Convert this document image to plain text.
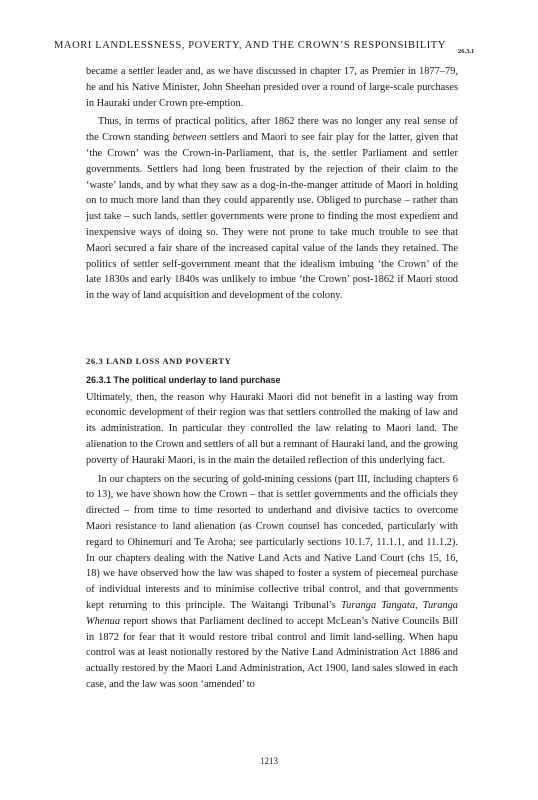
MAORI LANDLESSNESS, POVERTY, AND THE CROWN’S RESPONSIBILITY
26.3.1

became a settler leader and, as we have discussed in chapter 17, as Premier in 1877–79, he and his Native Minister, John Sheehan presided over a round of large-scale purchases in Hauraki under Crown pre-emption.

Thus, in terms of practical politics, after 1862 there was no longer any real sense of the Crown standing between settlers and Maori to see fair play for the latter, given that ‘the Crown’ was the Crown-in-Parliament, that is, the settler Parliament and settler governments. Settlers had long been frustrated by the rejection of their claim to the ‘waste’ lands, and by what they saw as a dog-in-the-manger attitude of Maori in holding on to much more land than they could apparently use. Obliged to purchase – rather than just take – such lands, settler governments were prone to finding the most expedient and inexpensive ways of doing so. They were not prone to take much trouble to see that Maori secured a fair share of the increased capital value of the lands they retained. The politics of settler self-government meant that the idealism imbuing ‘the Crown’ of the late 1830s and early 1840s was unlikely to imbue ‘the Crown’ post-1862 if Maori stood in the way of land acquisition and development of the colony.

26.3 LAND LOSS AND POVERTY
26.3.1 The political underlay to land purchase

Ultimately, then, the reason why Hauraki Maori did not benefit in a lasting way from economic development of their region was that settlers controlled the making of law and its administration. In particular they controlled the law relating to Maori land. The alienation to the Crown and settlers of all but a remnant of Hauraki land, and the growing poverty of Hauraki Maori, is in the main the detailed reflection of this underlying fact.

In our chapters on the securing of gold-mining cessions (part III, including chapters 6 to 13), we have shown how the Crown – that is settler governments and the officials they directed – from time to time resorted to underhand and divisive tactics to overcome Maori resistance to land alienation (as Crown counsel has conceded, particularly with regard to Ohinemuri and Te Aroha; see particularly sections 10.1.7, 11.1.1, and 11.1.2). In our chapters dealing with the Native Land Acts and Native Land Court (chs 15, 16, 18) we have observed how the law was shaped to foster a system of piecemeal purchase of individual interests and to minimise collective tribal control, and that governments kept returning to this principle. The Waitangi Tribunal’s Turanga Tangata, Turanga Whenua report shows that Parliament declined to accept McLean’s Native Councils Bill in 1872 for fear that it would restore tribal control and limit land-selling. When hapu control was at least notionally restored by the Native Land Administration Act 1886 and actually restored by the Maori Land Administration, Act 1900, land sales slowed in each case, and the law was soon ‘amended’ to

1213
